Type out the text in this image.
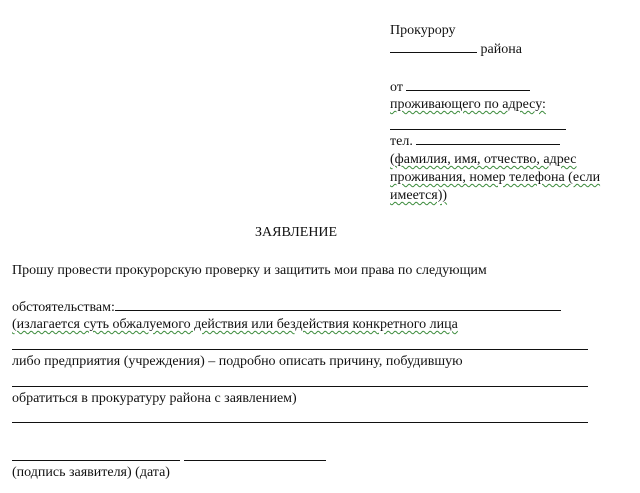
Прокурору
района
от
проживающего по адресу:
тел.
(фамилия, имя, отчество, адрес
проживания, номер телефона (если
имеется))
ЗАЯВЛЕНИЕ
Прошу провести прокурорскую проверку и защитить мои права по следующим
обстоятельствам:
(излагается суть обжалуемого действия или бездействия конкретного лица
либо предприятия (учреждения) – подробно описать причину, побудившую
обратиться в прокуратуру района с заявлением)
(подпись заявителя) (дата)
